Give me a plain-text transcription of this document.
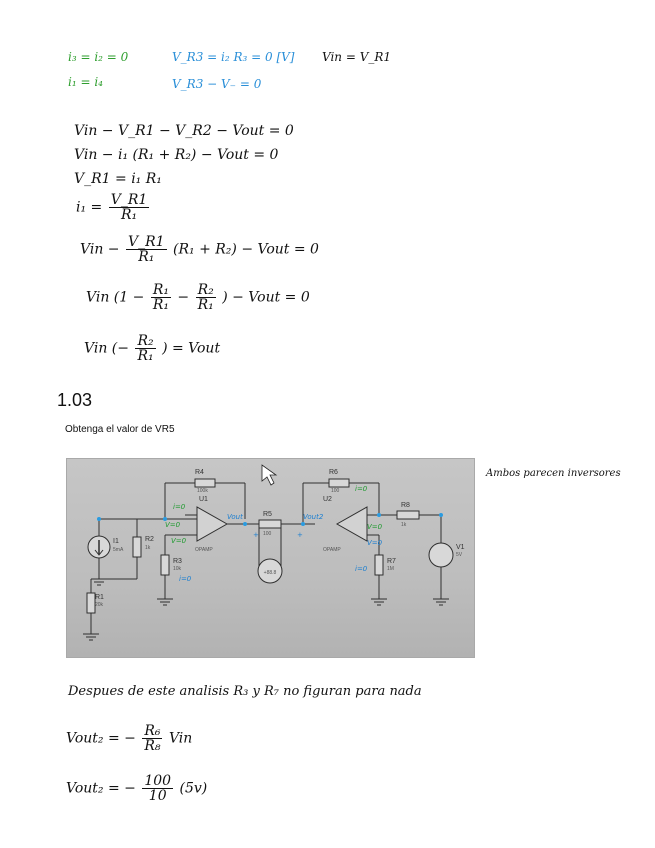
i₃ = i₂ = 0	V_R3 = i₂ R₃ = 0 [V] Vin = V_R1
i₁ = i₄	V_R3 − V₋ = 0
Vin − V_R1 − V_R2 − Vout = 0
Vin − i₁ (R₁ + R₂) − Vout = 0
V_R1 = i₁ R₁
$i_1 = \frac{V\_R1}{\text{R₁}}$
Vin − $\frac{V\_R1}{\text{R₁}} (R_1 + R_2)$ − Vout = 0
Vin ($1 - \frac{\text{R₁}}{\text{R₁}} - \frac{\text{R₂}}{\text{R₁}}$ ) − Vout = 0
Vin (− $\frac{\text{R₂}}{\text{R₁}}$ ) = Vout
1.03
Obtenga el valor de VR5
+88.8
R4
100k
U1
OPAMP
R6
100
U2
OPAMP
R8
1k
I1
5mA
R2
1k
R3
10k
R5
100
R7
1M
R1
20k
V1
5V
i=0
V=0
V=0
Vout	Vout2
i=0
V=0
V=0
i=0
i=0
+	+
Ambos parecen inversores
Despues de este analisis R₃ y R₇ no figuran para nada
Vout₂ = − $\frac{\text{R₆}}{\text{R₈}}$ Vin
Vout₂ = − $\frac{100}{10} (5v)$
